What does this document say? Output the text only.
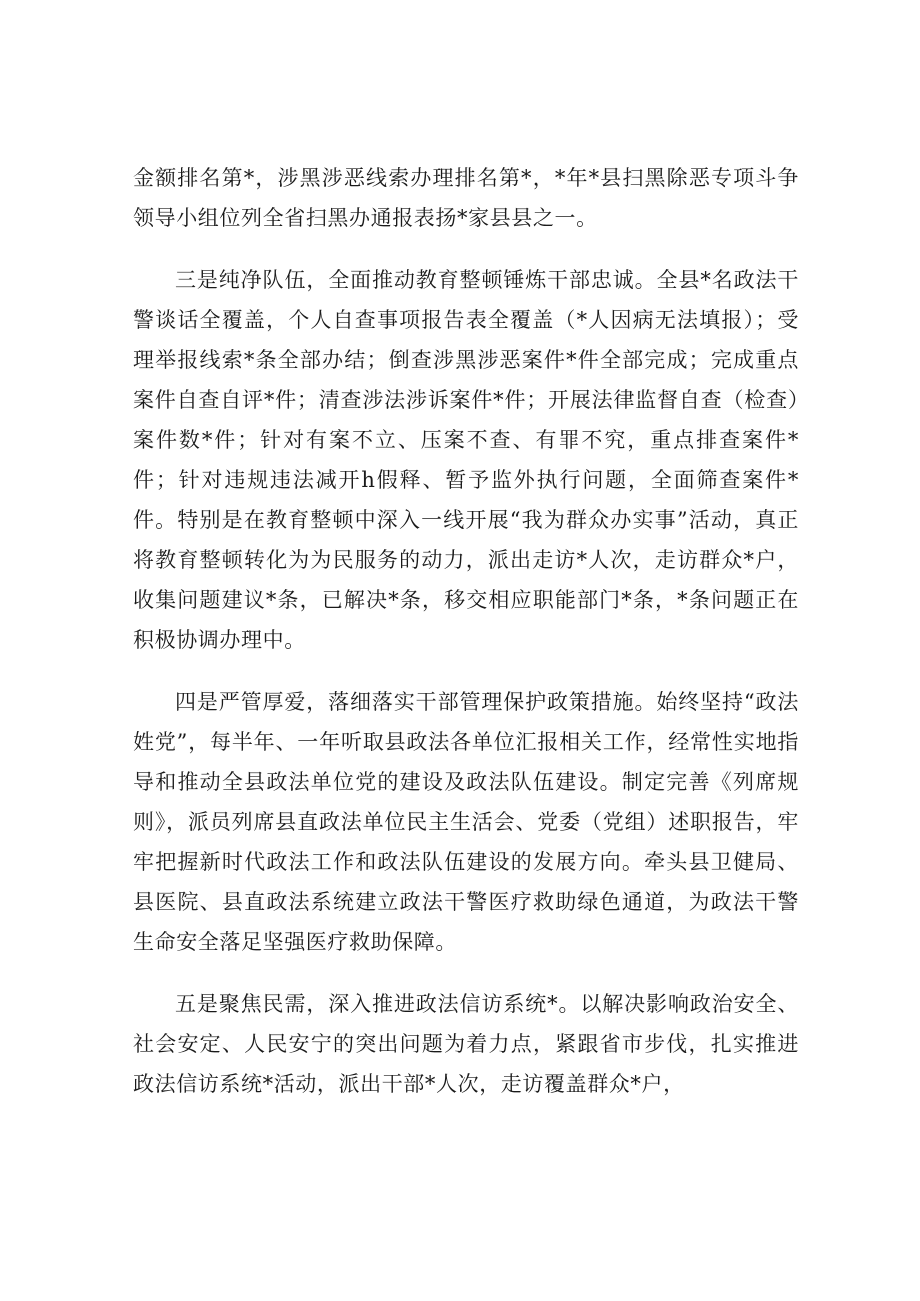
金额排名第*，涉黑涉恶线索办理排名第*，*年*县扫黑除恶专项斗争领导小组位列全省扫黑办通报表扬*家县县之一。

三是纯净队伍，全面推动教育整顿锤炼干部忠诚。全县*名政法干警谈话全覆盖，个人自查事项报告表全覆盖（*人因病无法填报）；受理举报线索*条全部办结；倒查涉黑涉恶案件*件全部完成；完成重点案件自查自评*件；清查涉法涉诉案件*件；开展法律监督自查（检查）案件数*件；针对有案不立、压案不查、有罪不究，重点排查案件*件；针对违规违法减开h假释、暂予监外执行问题，全面筛查案件*件。特别是在教育整顿中深入一线开展“我为群众办实事”活动，真正将教育整顿转化为为民服务的动力，派出走访*人次，走访群众*户，收集问题建议*条，已解决*条，移交相应职能部门*条，*条问题正在积极协调办理中。

四是严管厚爱，落细落实干部管理保护政策措施。始终坚持“政法姓党”，每半年、一年听取县政法各单位汇报相关工作，经常性实地指导和推动全县政法单位党的建设及政法队伍建设。制定完善《列席规则》，派员列席县直政法单位民主生活会、党委（党组）述职报告，牢牢把握新时代政法工作和政法队伍建设的发展方向。牵头县卫健局、县医院、县直政法系统建立政法干警医疗救助绿色通道，为政法干警生命安全落足坚强医疗救助保障。

五是聚焦民需，深入推进政法信访系统*。以解决影响政治安全、社会安定、人民安宁的突出问题为着力点，紧跟省市步伐，扎实推进政法信访系统*活动，派出干部*人次，走访覆盖群众*户，
